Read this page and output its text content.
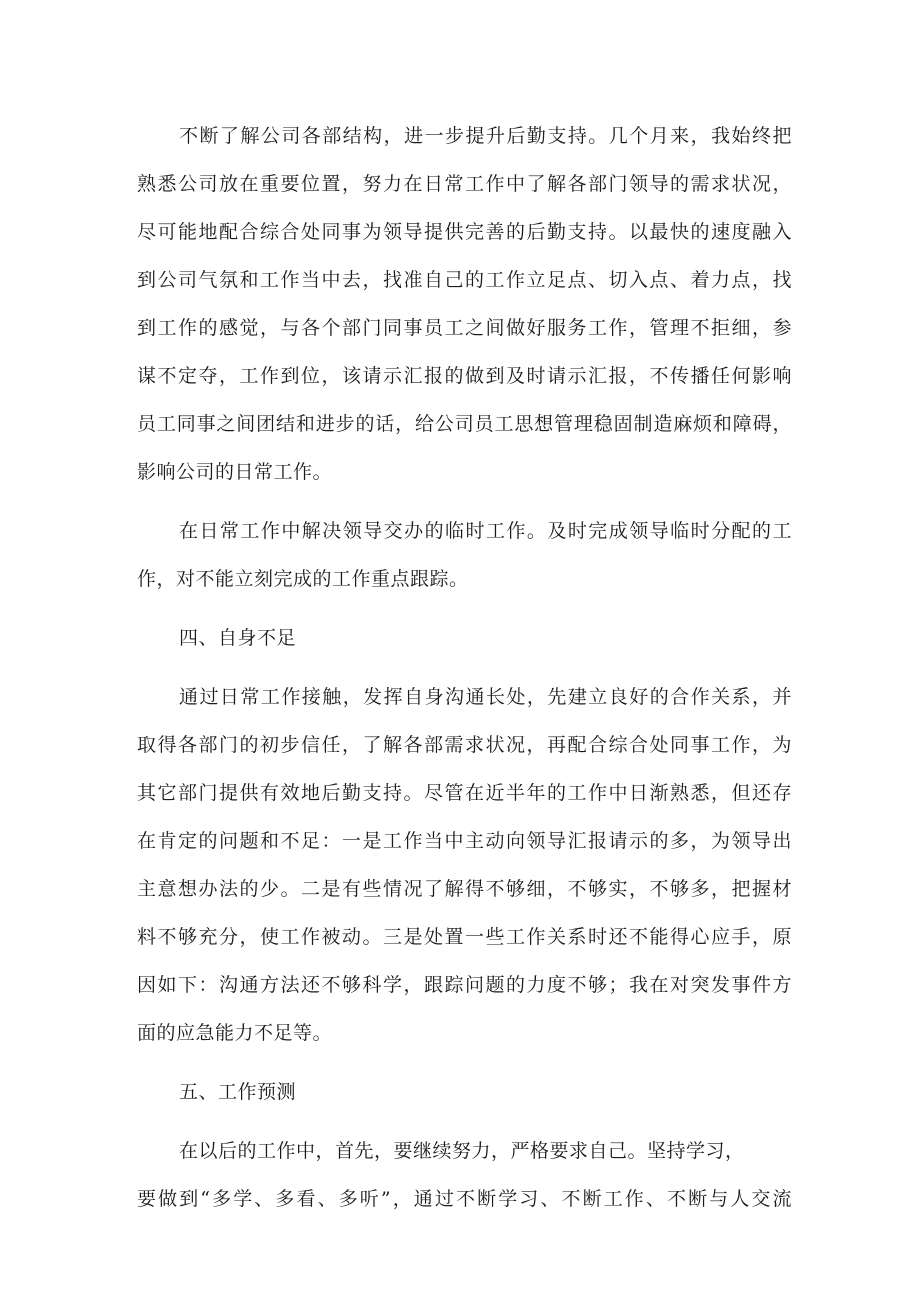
不断了解公司各部结构，进一步提升后勤支持。几个月来，我始终把
熟悉公司放在重要位置，努力在日常工作中了解各部门领导的需求状况，
尽可能地配合综合处同事为领导提供完善的后勤支持。以最快的速度融入
到公司气氛和工作当中去，找准自己的工作立足点、切入点、着力点，找
到工作的感觉，与各个部门同事员工之间做好服务工作，管理不拒细，参
谋不定夺，工作到位，该请示汇报的做到及时请示汇报，不传播任何影响
员工同事之间团结和进步的话，给公司员工思想管理稳固制造麻烦和障碍，
影响公司的日常工作。
在日常工作中解决领导交办的临时工作。及时完成领导临时分配的工
作，对不能立刻完成的工作重点跟踪。
四、自身不足
通过日常工作接触，发挥自身沟通长处，先建立良好的合作关系，并
取得各部门的初步信任，了解各部需求状况，再配合综合处同事工作，为
其它部门提供有效地后勤支持。尽管在近半年的工作中日渐熟悉，但还存
在肯定的问题和不足：一是工作当中主动向领导汇报请示的多，为领导出
主意想办法的少。二是有些情况了解得不够细，不够实，不够多，把握材
料不够充分，使工作被动。三是处置一些工作关系时还不能得心应手，原
因如下：沟通方法还不够科学，跟踪问题的力度不够；我在对突发事件方
面的应急能力不足等。
五、工作预测
在以后的工作中，首先，要继续努力，严格要求自己。坚持学习，
要做到“多学、多看、多听”，通过不断学习、不断工作、不断与人交流
